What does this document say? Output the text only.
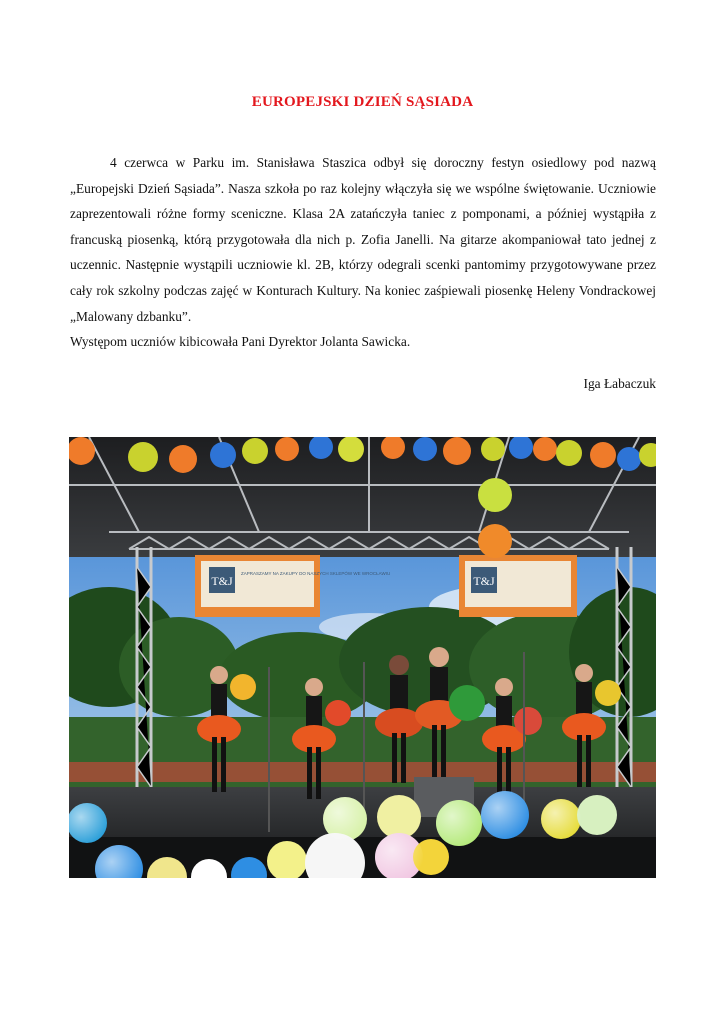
EUROPEJSKI DZIEŃ SĄSIADA

4 czerwca w Parku im. Stanisława Staszica odbył się doroczny festyn osiedlowy pod nazwą „Europejski Dzień Sąsiada”. Nasza szkoła po raz kolejny włączyła się we wspólne świętowanie. Uczniowie zaprezentowali różne formy sceniczne. Klasa 2A zatańczyła taniec z pomponami, a później wystąpiła z francuską piosenką, którą przygotowała dla nich p. Zofia Janelli. Na gitarze akompaniował tato jednej z uczennic. Następnie wystąpili uczniowie kl. 2B, którzy odegrali scenki pantomimy przygotowywane przez cały rok szkolny podczas zajęć w Konturach Kultury. Na koniec zaśpiewali piosenkę Heleny Vondrackowej „Malowany dzbanku”.

Występom uczniów kibicowała Pani Dyrektor Jolanta Sawicka.

Iga Łabaczuk
T&J	T&J
ZAPRASZAMY NA ZAKUPY DO NASZYCH SKLEPÓW WE WROCŁAWIU
